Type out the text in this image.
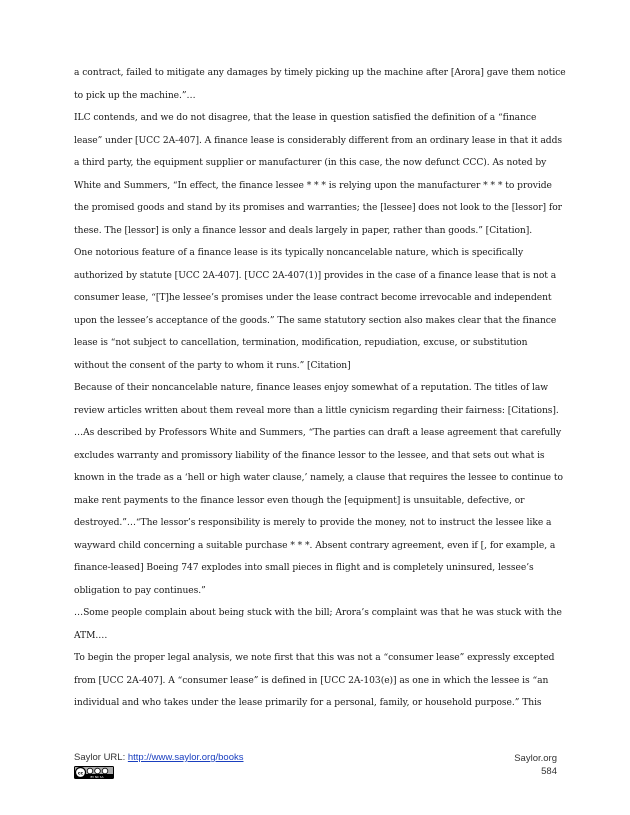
a contract, failed to mitigate any damages by timely picking up the machine after [Arora] gave them notice

to pick up the machine.”…

ILC contends, and we do not disagree, that the lease in question satisfied the definition of a “finance

lease” under [UCC 2A-407]. A finance lease is considerably different from an ordinary lease in that it adds

a third party, the equipment supplier or manufacturer (in this case, the now defunct CCC). As noted by

White and Summers, “In effect, the finance lessee * * * is relying upon the manufacturer * * * to provide

the promised goods and stand by its promises and warranties; the [lessee] does not look to the [lessor] for

these. The [lessor] is only a finance lessor and deals largely in paper, rather than goods.” [Citation].

One notorious feature of a finance lease is its typically noncancelable nature, which is specifically

authorized by statute [UCC 2A-407]. [UCC 2A-407(1)] provides in the case of a finance lease that is not a

consumer lease, “[T]he lessee’s promises under the lease contract become irrevocable and independent

upon the lessee’s acceptance of the goods.” The same statutory section also makes clear that the finance

lease is “not subject to cancellation, termination, modification, repudiation, excuse, or substitution

without the consent of the party to whom it runs.” [Citation]

Because of their noncancelable nature, finance leases enjoy somewhat of a reputation. The titles of law

review articles written about them reveal more than a little cynicism regarding their fairness: [Citations].

…As described by Professors White and Summers, “The parties can draft a lease agreement that carefully

excludes warranty and promissory liability of the finance lessor to the lessee, and that sets out what is

known in the trade as a ‘hell or high water clause,’ namely, a clause that requires the lessee to continue to

make rent payments to the finance lessor even though the [equipment] is unsuitable, defective, or

destroyed.”…“The lessor’s responsibility is merely to provide the money, not to instruct the lessee like a

wayward child concerning a suitable purchase * * *. Absent contrary agreement, even if [, for example, a

finance-leased] Boeing 747 explodes into small pieces in flight and is completely uninsured, lessee’s

obligation to pay continues.”

…Some people complain about being stuck with the bill; Arora’s complaint was that he was stuck with the

ATM.…

To begin the proper legal analysis, we note first that this was not a “consumer lease” expressly excepted

from [UCC 2A-407]. A “consumer lease” is defined in [UCC 2A-103(e)] as one in which the lessee is “an

individual and who takes under the lease primarily for a personal, family, or household purpose.” This

Saylor URL: http://www.saylor.org/books
cc
BY NC SA
Saylor.org
584
